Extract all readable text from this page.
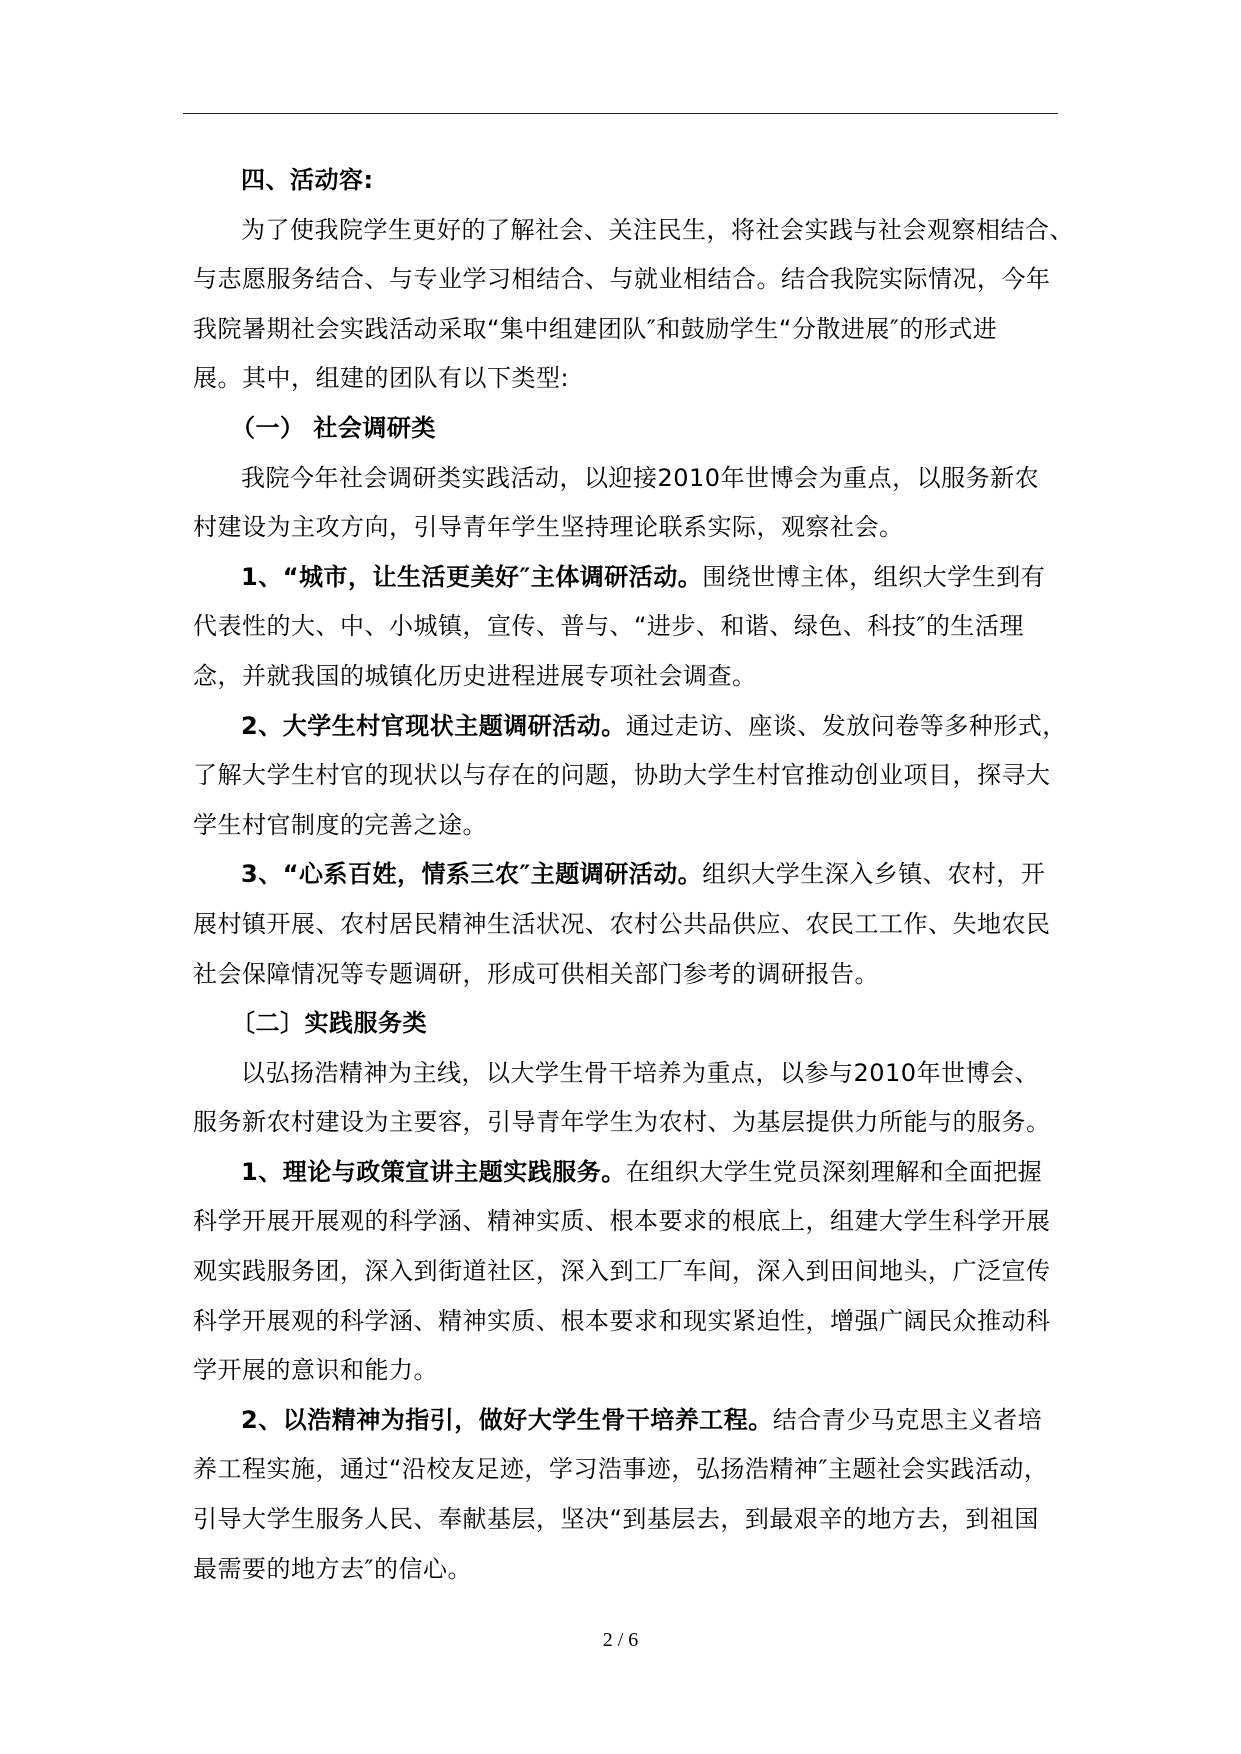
四、活动容:
为了使我院学生更好的了解社会、关注民生，将社会实践与社会观察相结合、
与志愿服务结合、与专业学习相结合、与就业相结合。结合我院实际情况，今年
我院暑期社会实践活动采取“集中组建团队″和鼓励学生“分散进展″的形式进
展。其中，组建的团队有以下类型:
（一） 社会调研类
我院今年社会调研类实践活动，以迎接2010年世博会为重点，以服务新农
村建设为主攻方向，引导青年学生坚持理论联系实际，观察社会。
1、“城市，让生活更美好″主体调研活动。围绕世博主体，组织大学生到有
代表性的大、中、小城镇，宣传、普与、“进步、和谐、绿色、科技″的生活理
念，并就我国的城镇化历史进程进展专项社会调查。
2、大学生村官现状主题调研活动。通过走访、座谈、发放问卷等多种形式，
了解大学生村官的现状以与存在的问题，协助大学生村官推动创业项目，探寻大
学生村官制度的完善之途。
3、“心系百姓，情系三农″主题调研活动。组织大学生深入乡镇、农村，开
展村镇开展、农村居民精神生活状况、农村公共品供应、农民工工作、失地农民
社会保障情况等专题调研，形成可供相关部门参考的调研报告。
〔二〕实践服务类
以弘扬浩精神为主线，以大学生骨干培养为重点，以参与2010年世博会、
服务新农村建设为主要容，引导青年学生为农村、为基层提供力所能与的服务。
1、理论与政策宣讲主题实践服务。在组织大学生党员深刻理解和全面把握
科学开展开展观的科学涵、精神实质、根本要求的根底上，组建大学生科学开展
观实践服务团，深入到街道社区，深入到工厂车间，深入到田间地头，广泛宣传
科学开展观的科学涵、精神实质、根本要求和现实紧迫性，增强广阔民众推动科
学开展的意识和能力。
2、以浩精神为指引，做好大学生骨干培养工程。结合青少马克思主义者培
养工程实施，通过“沿校友足迹，学习浩事迹，弘扬浩精神″主题社会实践活动，
引导大学生服务人民、奉献基层，坚决“到基层去，到最艰辛的地方去，到祖国
最需要的地方去″的信心。
2 / 6
